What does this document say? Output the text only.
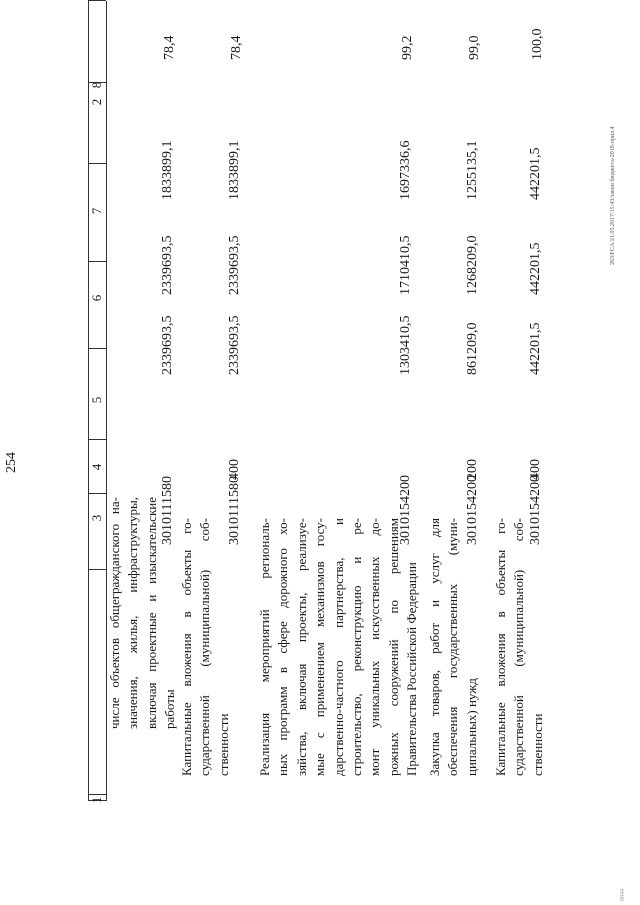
254
1
2
3
4
5
6
7
8
числе объектов общегражданского на- значения, жилья, инфраструктуры, включая проектные и изыскательские работы
3010111580
2339693,5
2339693,5
1833899,1
78,4
Капитальные вложения в объекты го- сударственной (муниципальной) соб- ственности
3010111580
400
2339693,5
2339693,5
1833899,1
78,4
Реализация мероприятий региональ- ных программ в сфере дорожного хо- зяйства, включая проекты, реализуе- мые с применением механизмов госу- дарственно-частного партнерства, и строительство, реконструкцию и ре- монт уникальных искусственных до- рожных сооружений по решениям Правительства Российской Федерации
3010154200
1303410,5
1710410,5
1697336,6
99,2
Закупка товаров, работ и услуг для обеспечения государственных (муни- ципальных) нужд
3010154200
200
861209,0
1268209,0
1255135,1
99,0
Капитальные вложения в объекты го- сударственной (муниципальной) соб- ственности
3010154200
400
442201,5
442201,5
442201,5
100,0
263/FCA/21.05.2017/15:43/закон бюджета-2018-прил.4
0844
